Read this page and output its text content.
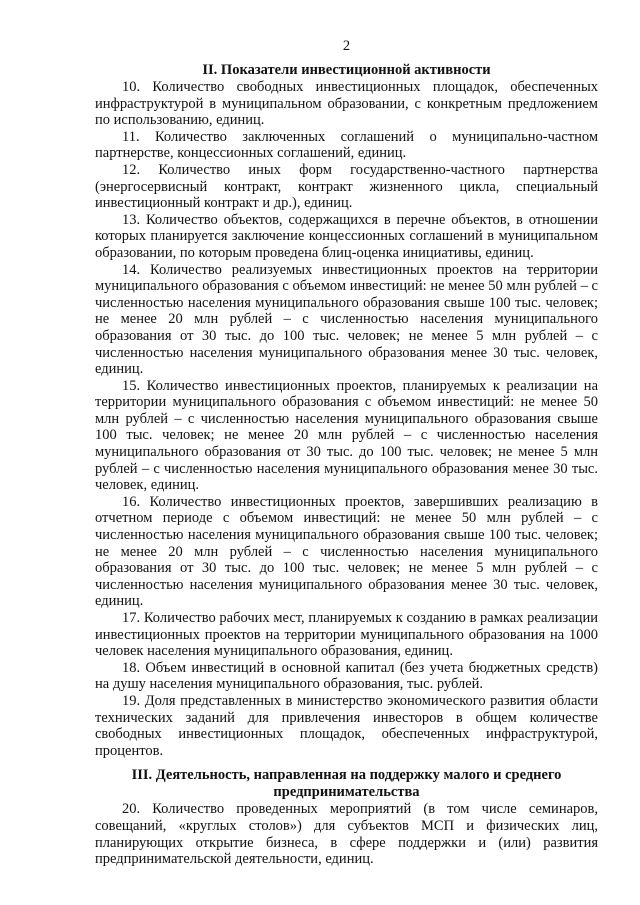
2
II. Показатели инвестиционной активности

10. Количество свободных инвестиционных площадок, обеспеченных инфраструктурой в муниципальном образовании, с конкретным предложением по использованию, единиц.

11. Количество заключенных соглашений о муниципально-частном партнерстве, концессионных соглашений, единиц.

12. Количество иных форм государственно-частного партнерства (энергосервисный контракт, контракт жизненного цикла, специальный инвестиционный контракт и др.), единиц.

13. Количество объектов, содержащихся в перечне объектов, в отношении которых планируется заключение концессионных соглашений в муниципальном образовании, по которым проведена блиц-оценка инициативы, единиц.

14. Количество реализуемых инвестиционных проектов на территории муниципального образования с объемом инвестиций: не менее 50 млн рублей – с численностью населения муниципального образования свыше 100 тыс. человек; не менее 20 млн рублей – с численностью населения муниципального образования от 30 тыс. до 100 тыс. человек; не менее 5 млн рублей – с численностью населения муниципального образования менее 30 тыс. человек, единиц.

15. Количество инвестиционных проектов, планируемых к реализации на территории муниципального образования с объемом инвестиций: не менее 50 млн рублей – с численностью населения муниципального образования свыше 100 тыс. человек; не менее 20 млн рублей – с численностью населения муниципального образования от 30 тыс. до 100 тыс. человек; не менее 5 млн рублей – с численностью населения муниципального образования менее 30 тыс. человек, единиц.

16. Количество инвестиционных проектов, завершивших реализацию в отчетном периоде с объемом инвестиций: не менее 50 млн рублей – с численностью населения муниципального образования свыше 100 тыс. человек; не менее 20 млн рублей – с численностью населения муниципального образования от 30 тыс. до 100 тыс. человек; не менее 5 млн рублей – с численностью населения муниципального образования менее 30 тыс. человек, единиц.

17. Количество рабочих мест, планируемых к созданию в рамках реализации инвестиционных проектов на территории муниципального образования на 1000 человек населения муниципального образования, единиц.

18. Объем инвестиций в основной капитал (без учета бюджетных средств) на душу населения муниципального образования, тыс. рублей.

19. Доля представленных в министерство экономического развития области технических заданий для привлечения инвесторов в общем количестве свободных инвестиционных площадок, обеспеченных инфраструктурой, процентов.

III. Деятельность, направленная на поддержку малого и среднего предпринимательства

20. Количество проведенных мероприятий (в том числе семинаров, совещаний, «круглых столов») для субъектов МСП и физических лиц, планирующих открытие бизнеса, в сфере поддержки и (или) развития предпринимательской деятельности, единиц.
